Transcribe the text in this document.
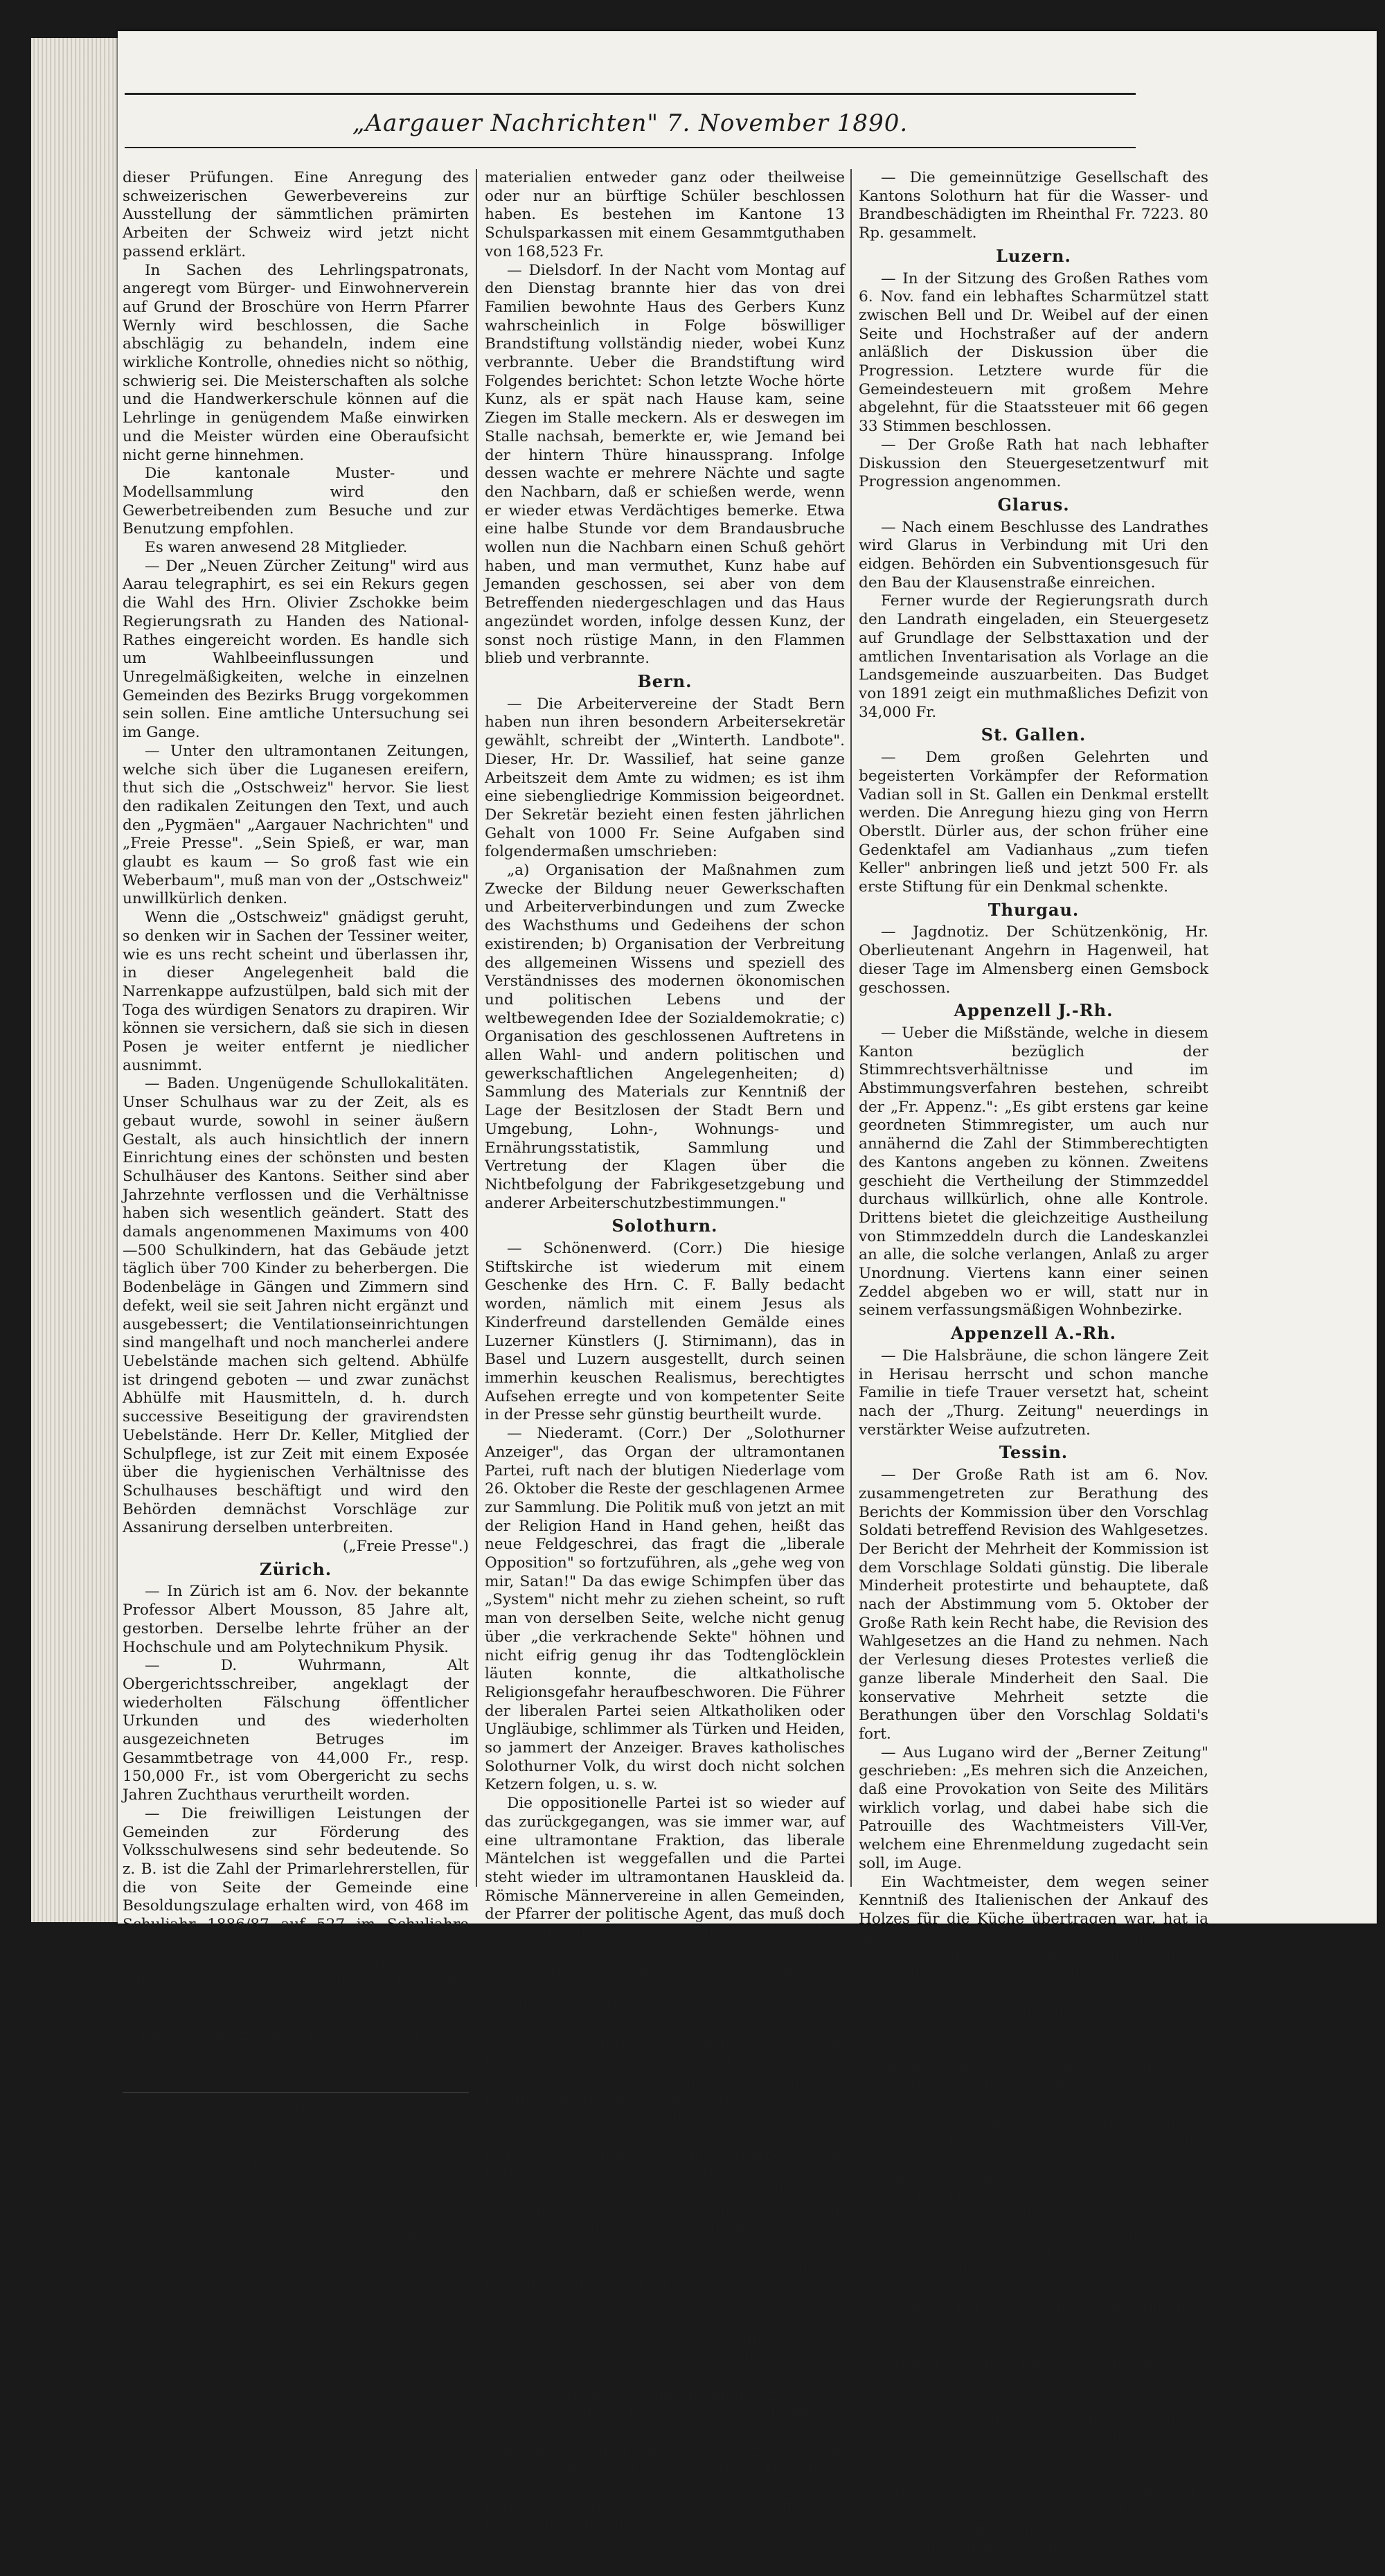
„Aargauer Nachrichten" 7. November 1890.

dieser Prüfungen. Eine Anregung des schweizerischen Gewerbevereins zur Ausstellung der sämmtlichen prämirten Arbeiten der Schweiz wird jetzt nicht passend erklärt.

In Sachen des Lehrlingspatronats, angeregt vom Bürger- und Einwohnerverein auf Grund der Broschüre von Herrn Pfarrer Wernly wird beschlossen, die Sache abschlägig zu behandeln, indem eine wirkliche Kontrolle, ohnedies nicht so nöthig, schwierig sei. Die Meisterschaften als solche und die Handwerkerschule können auf die Lehrlinge in genügendem Maße einwirken und die Meister würden eine Oberaufsicht nicht gerne hinnehmen.

Die kantonale Muster- und Modellsammlung wird den Gewerbetreibenden zum Besuche und zur Benutzung empfohlen.

Es waren anwesend 28 Mitglieder.

— Der „Neuen Zürcher Zeitung" wird aus Aarau telegraphirt, es sei ein Rekurs gegen die Wahl des Hrn. Olivier Zschokke beim Regierungsrath zu Handen des National-Rathes eingereicht worden. Es handle sich um Wahlbeeinflussungen und Unregelmäßigkeiten, welche in einzelnen Gemeinden des Bezirks Brugg vorgekommen sein sollen. Eine amtliche Untersuchung sei im Gange.

— Unter den ultramontanen Zeitungen, welche sich über die Luganesen ereifern, thut sich die „Ostschweiz" hervor. Sie liest den radikalen Zeitungen den Text, und auch den „Pygmäen" „Aargauer Nachrichten" und „Freie Presse". „Sein Spieß, er war, man glaubt es kaum — So groß fast wie ein Weberbaum", muß man von der „Ostschweiz" unwillkürlich denken.

Wenn die „Ostschweiz" gnädigst geruht, so denken wir in Sachen der Tessiner weiter, wie es uns recht scheint und überlassen ihr, in dieser Angelegenheit bald die Narrenkappe aufzustülpen, bald sich mit der Toga des würdigen Senators zu drapiren. Wir können sie versichern, daß sie sich in diesen Posen je weiter entfernt je niedlicher ausnimmt.

— Baden. Ungenügende Schullokalitäten. Unser Schulhaus war zu der Zeit, als es gebaut wurde, sowohl in seiner äußern Gestalt, als auch hinsichtlich der innern Einrichtung eines der schönsten und besten Schulhäuser des Kantons. Seither sind aber Jahrzehnte verflossen und die Verhältnisse haben sich wesentlich geändert. Statt des damals angenommenen Maximums von 400—500 Schulkindern, hat das Gebäude jetzt täglich über 700 Kinder zu beherbergen. Die Bodenbeläge in Gängen und Zimmern sind defekt, weil sie seit Jahren nicht ergänzt und ausgebessert; die Ventilationseinrichtungen sind mangelhaft und noch mancherlei andere Uebelstände machen sich geltend. Abhülfe ist dringend geboten — und zwar zunächst Abhülfe mit Hausmitteln, d. h. durch successive Beseitigung der gravirendsten Uebelstände. Herr Dr. Keller, Mitglied der Schulpflege, ist zur Zeit mit einem Exposée über die hygienischen Verhältnisse des Schulhauses beschäftigt und wird den Behörden demnächst Vorschläge zur Assanirung derselben unterbreiten.

(„Freie Presse".)
Zürich.

— In Zürich ist am 6. Nov. der bekannte Professor Albert Mousson, 85 Jahre alt, gestorben. Derselbe lehrte früher an der Hochschule und am Polytechnikum Physik.

— D. Wuhrmann, Alt Obergerichtsschreiber, angeklagt der wiederholten Fälschung öffentlicher Urkunden und des wiederholten ausgezeichneten Betruges im Gesammtbetrage von 44,000 Fr., resp. 150,000 Fr., ist vom Obergericht zu sechs Jahren Zuchthaus verurtheilt worden.

— Die freiwilligen Leistungen der Gemeinden zur Förderung des Volksschulwesens sind sehr bedeutende. So z. B. ist die Zahl der Primarlehrerstellen, für die von Seite der Gemeinde eine Besoldungszulage erhalten wird, von 468 im Schuljahr 1886/87 auf 527 im Schuljahre 1889/90 gestiegen, im gleichen Zeitraum die Zahl der Lehrstellen ohne Zulage von 222 auf 193 gesunken und der Betrag der jährlichen Zulagen von 186,950 Fr. auf 206,998 Fr. gestiegen. Von den 369 Schulgemeinden des Kantons sind 280, welche die unentgeltliche Verabreichung der Lehrmittel und Schreib-

Der andere war jünger, kleiner und schlanker. Sein Gesicht trug hübsch geschnittene Züge und die großen, hellbraunen Augen blickten mit sorglosem Leichtsinn in die Welt, doch aus den festen Linien von Kinn und Lippen hätte ein Physiognom trotzdem männliche Entschlossenheit herausgelesen. Freilich, Zelka war kein Physiognom, sie sah nur die heiteren, leichtsinnigen Augen und bildete nach Frauenart ihr rasches Urtheil dem allerersten flüchtigen Eindruck zufolge. Sie geleitete die Herren in das Haus, wo ihnen im kühlen altmodischen Speisezimmer ein Imbiß und vortrefflicher Wein servirt wurde, und machte auf so anmuthige Weise die Wirthin, daß Riedenberg nicht umhin konnte, ihr seine Bewunderung offen auszusprechen, was sie lächelnd hinnahm. Ihm gegenüber gab sie sich unbefangen und heiter, fast kindlich, während im Verkehr mit Warnholt ihr Benehmen oft an ein Mißtrauen grenzende Zurückhaltung annahm, zu welcher das offene frische Wesen des jungen Mannes keinerlei Veranlassung gab. Nur hier und da ließ sie die Vorsicht fallen und brach in das herzlich klingende Lachen aus, das ihr so eigen ist, wenn irgend eine Bemerkung machte, die ihr sonderbar und neu erschien.

Dann wurde das in Frage stehende Pferd vorgeführt. Beide Herren gingen hinaus, um es zu besichtigen und Zelka lehnte im Fenster und sah ihnen zu, wie sie den Gliederbau des Thieres sorgfältig prüften. „Nicht wahr", nickte sie vergnügt hinab, wie ein Kind, dem ein Lieblingsspielzeug gelobt wird, „das ist ein Kapitalpferd! Hier gezogen. Es war eben geboren, als ich hierher kam."

materialien entweder ganz oder theilweise oder nur an bürftige Schüler beschlossen haben. Es bestehen im Kantone 13 Schulsparkassen mit einem Gesammtguthaben von 168,523 Fr.

— Dielsdorf. In der Nacht vom Montag auf den Dienstag brannte hier das von drei Familien bewohnte Haus des Gerbers Kunz wahrscheinlich in Folge böswilliger Brandstiftung vollständig nieder, wobei Kunz verbrannte. Ueber die Brandstiftung wird Folgendes berichtet: Schon letzte Woche hörte Kunz, als er spät nach Hause kam, seine Ziegen im Stalle meckern. Als er deswegen im Stalle nachsah, bemerkte er, wie Jemand bei der hintern Thüre hinaussprang. Infolge dessen wachte er mehrere Nächte und sagte den Nachbarn, daß er schießen werde, wenn er wieder etwas Verdächtiges bemerke. Etwa eine halbe Stunde vor dem Brandausbruche wollen nun die Nachbarn einen Schuß gehört haben, und man vermuthet, Kunz habe auf Jemanden geschossen, sei aber von dem Betreffenden niedergeschlagen und das Haus angezündet worden, infolge dessen Kunz, der sonst noch rüstige Mann, in den Flammen blieb und verbrannte.

Bern.

— Die Arbeitervereine der Stadt Bern haben nun ihren besondern Arbeitersekretär gewählt, schreibt der „Winterth. Landbote". Dieser, Hr. Dr. Wassilief, hat seine ganze Arbeitszeit dem Amte zu widmen; es ist ihm eine siebengliedrige Kommission beigeordnet. Der Sekretär bezieht einen festen jährlichen Gehalt von 1000 Fr. Seine Aufgaben sind folgendermaßen umschrieben:

„a) Organisation der Maßnahmen zum Zwecke der Bildung neuer Gewerkschaften und Arbeiterverbindungen und zum Zwecke des Wachsthums und Gedeihens der schon existirenden; b) Organisation der Verbreitung des allgemeinen Wissens und speziell des Verständnisses des modernen ökonomischen und politischen Lebens und der weltbewegenden Idee der Sozialdemokratie; c) Organisation des geschlossenen Auftretens in allen Wahl- und andern politischen und gewerkschaftlichen Angelegenheiten; d) Sammlung des Materials zur Kenntniß der Lage der Besitzlosen der Stadt Bern und Umgebung, Lohn-, Wohnungs- und Ernährungsstatistik, Sammlung und Vertretung der Klagen über die Nichtbefolgung der Fabrikgesetzgebung und anderer Arbeiterschutzbestimmungen."

Solothurn.

— Schönenwerd. (Corr.) Die hiesige Stiftskirche ist wiederum mit einem Geschenke des Hrn. C. F. Bally bedacht worden, nämlich mit einem Jesus als Kinderfreund darstellenden Gemälde eines Luzerner Künstlers (J. Stirnimann), das in Basel und Luzern ausgestellt, durch seinen immerhin keuschen Realismus, berechtigtes Aufsehen erregte und von kompetenter Seite in der Presse sehr günstig beurtheilt wurde.

— Niederamt. (Corr.) Der „Solothurner Anzeiger", das Organ der ultramontanen Partei, ruft nach der blutigen Niederlage vom 26. Oktober die Reste der geschlagenen Armee zur Sammlung. Die Politik muß von jetzt an mit der Religion Hand in Hand gehen, heißt das neue Feldgeschrei, das fragt die „liberale Opposition" so fortzuführen, als „gehe weg von mir, Satan!" Da das ewige Schimpfen über das „System" nicht mehr zu ziehen scheint, so ruft man von derselben Seite, welche nicht genug über „die verkrachende Sekte" höhnen und nicht eifrig genug ihr das Todtenglöcklein läuten konnte, die altkatholische Religionsgefahr heraufbeschworen. Die Führer der liberalen Partei seien Altkatholiken oder Ungläubige, schlimmer als Türken und Heiden, so jammert der Anzeiger. Braves katholisches Solothurner Volk, du wirst doch nicht solchen Ketzern folgen, u. s. w.

Die oppositionelle Partei ist so wieder auf das zurückgegangen, was sie immer war, auf eine ultramontane Fraktion, das liberale Mäntelchen ist weggefallen und die Partei steht wieder im ultramontanen Hauskleid da. Römische Männervereine in allen Gemeinden, der Pfarrer der politische Agent, das muß doch dem Liberalismus den Hals brechen. Wir wagen daran zu zweifeln, denn diese Mittel sind auch bis jetzt nicht unversucht gelassen worden.

Allein das Volk hat einzusehen, daß man es in Solothurn ernst meinte mit der nöthigen Säuberung; und daß insbesondere die Bankbehörden sich große Verdienste um den Kanton erworben haben. Deßwegen nur brauflos gegründet und gewühlt; so lange unsere Behörden und die freisinnige Partei den Staatswagen so fortfahren, wie es sie bis jetzt gethan, und ohne im schlimmen Sinne kulturkämpferisch in innerkirchliche Dinge hineinzureden, doch Staats- und Volksrechte gegenüber dem Ultramontanismus wahren, wird die ultramontane Partei auf die Bedeutung einer Oppositionspartei zurückgedrängt sein. Was sie als solche zu bedeuten hat, das ist oft gesagt.

— Die Gemeindeversammlung Olten vom letzten Freitag Abend hat großartig in den Sack gelangt. Es gilt, eine Trinkwasserversorgung für 250,000 Fr., die Kirchhoferweiterung für 10,000 bis 12,000 Fr., die Vollendung des Amthausquais mit 35,000 Fr., ein Schulhaus für 150,000 bis 160,000 Fr., eine Turnhalle für 22,000 Fr. und ein Schlachthaus für Franken 60,000 zu erstellen, also etwa 500,000 Fr. zu investiren. Die Oltner haben Courage. Sie dürfen wohl Courage haben, denn die Ersparnißkasse greift ihnen finanziell kräftig unter die Arme.

— Die gemeinnützige Gesellschaft des Kantons Solothurn hat für die Wasser- und Brandbeschädigten im Rheinthal Fr. 7223. 80 Rp. gesammelt.

Luzern.

— In der Sitzung des Großen Rathes vom 6. Nov. fand ein lebhaftes Scharmützel statt zwischen Bell und Dr. Weibel auf der einen Seite und Hochstraßer auf der andern anläßlich der Diskussion über die Progression. Letztere wurde für die Gemeindesteuern mit großem Mehre abgelehnt, für die Staatssteuer mit 66 gegen 33 Stimmen beschlossen.

— Der Große Rath hat nach lebhafter Diskussion den Steuergesetzentwurf mit Progression angenommen.

Glarus.

— Nach einem Beschlusse des Landrathes wird Glarus in Verbindung mit Uri den eidgen. Behörden ein Subventionsgesuch für den Bau der Klausenstraße einreichen.

Ferner wurde der Regierungsrath durch den Landrath eingeladen, ein Steuergesetz auf Grundlage der Selbsttaxation und der amtlichen Inventarisation als Vorlage an die Landsgemeinde auszuarbeiten. Das Budget von 1891 zeigt ein muthmaßliches Defizit von 34,000 Fr.

St. Gallen.

— Dem großen Gelehrten und begeisterten Vorkämpfer der Reformation Vadian soll in St. Gallen ein Denkmal erstellt werden. Die Anregung hiezu ging von Herrn Oberstlt. Dürler aus, der schon früher eine Gedenktafel am Vadianhaus „zum tiefen Keller" anbringen ließ und jetzt 500 Fr. als erste Stiftung für ein Denkmal schenkte.

Thurgau.

— Jagdnotiz. Der Schützenkönig, Hr. Oberlieutenant Angehrn in Hagenweil, hat dieser Tage im Almensberg einen Gemsbock geschossen.

Appenzell J.-Rh.

— Ueber die Mißstände, welche in diesem Kanton bezüglich der Stimmrechtsverhältnisse und im Abstimmungsverfahren bestehen, schreibt der „Fr. Appenz.": „Es gibt erstens gar keine geordneten Stimmregister, um auch nur annähernd die Zahl der Stimmberechtigten des Kantons angeben zu können. Zweitens geschieht die Vertheilung der Stimmzeddel durchaus willkürlich, ohne alle Kontrole. Drittens bietet die gleichzeitige Austheilung von Stimmzeddeln durch die Landeskanzlei an alle, die solche verlangen, Anlaß zu arger Unordnung. Viertens kann einer seinen Zeddel abgeben wo er will, statt nur in seinem verfassungsmäßigen Wohnbezirke.

Appenzell A.-Rh.

— Die Halsbräune, die schon längere Zeit in Herisau herrscht und schon manche Familie in tiefe Trauer versetzt hat, scheint nach der „Thurg. Zeitung" neuerdings in verstärkter Weise aufzutreten.

Tessin.

— Der Große Rath ist am 6. Nov. zusammengetreten zur Berathung des Berichts der Kommission über den Vorschlag Soldati betreffend Revision des Wahlgesetzes. Der Bericht der Mehrheit der Kommission ist dem Vorschlage Soldati günstig. Die liberale Minderheit protestirte und behauptete, daß nach der Abstimmung vom 5. Oktober der Große Rath kein Recht habe, die Revision des Wahlgesetzes an die Hand zu nehmen. Nach der Verlesung dieses Protestes verließ die ganze liberale Minderheit den Saal. Die konservative Mehrheit setzte die Berathungen über den Vorschlag Soldati's fort.

— Aus Lugano wird der „Berner Zeitung" geschrieben: „Es mehren sich die Anzeichen, daß eine Provokation von Seite des Militärs wirklich vorlag, und dabei habe sich die Patrouille des Wachtmeisters Vill-Ver, welchem eine Ehrenmeldung zugedacht sein soll, im Auge.

Ein Wachtmeister, dem wegen seiner Kenntniß des Italienischen der Ankauf des Holzes für die Küche übertragen war, hat ja am ersten Tage der Anwesenheit des Bataillons 42 in Lugano einem Bürger gegenüber daheim geäußert, daß das Bataillon 42 die Aufgabe habe „die Luganesen den Anstand zu lehren".

Ein Wachtmeister hat sich einige Tage vor den Wahlen in den Nationalrath, also vor dem unglückseligen 26. Oktober, in der Comestibleshandlung und Wirthschaft der Betova Neci einem ihn begleitenden Krankenwärter gegenüber dahin geäußert: „Es ist schade, daß wir keine scharfen Patronen besitzen," worauf der Krankenwärter antwortete „Sie haben ja gute Bajonette." Diesmal sprach der Wachtmeister deutsch, wurde jedoch von einem Bürger, der sich längere Zeit in der deutschen Schweiz aufhielt, verstanden. Dieser Bürger heißt Giuseppe Dellesanta, die Carlo von Lugano, und ist bereit, zu seiner Aussage zu stehen.

Nach der Personalbeschreibung handelt es sich beide Male um den gleichen Wachtmeister, welcher mit dem Anführer der bekannten Patrouille identisch sein soll.

Die Schlußfolgerung ergibt sich von selbst.

Die Bevölkerung von Lugano verlangt zur Wahrung ihrer Ehre und ihres guten Namens, daß die Ergebnisse der Untersuchung des Herrn Prof. Schneider öffentlich bekannt gegeben werden. Wir hoffen, daß der hohe Bundesrath dies thun werde, und wir bitten die ganze freisinnige Presse, dieses Verlangen kräftig zu unterstützen. Es wird sich dann zeigen, wie viel von
